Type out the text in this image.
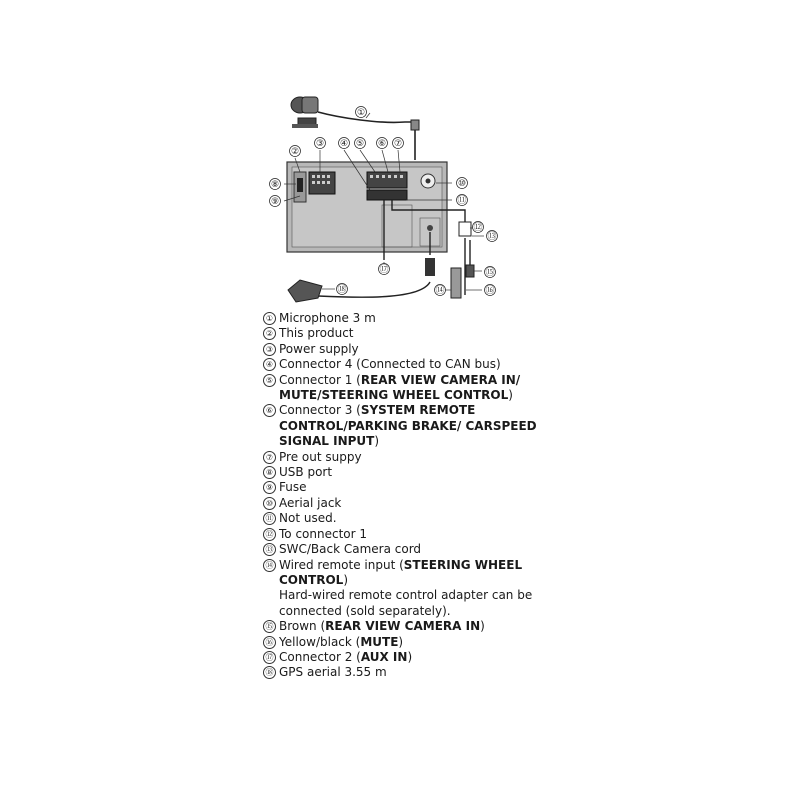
①
②
③ ④ ⑤ ⑥ ⑦
⑧
⑨
⑩
⑪
⑫
⑬
⑭
⑮
⑯
⑰
⑱
① Microphone 3 m
② This product
③ Power supply
④ Connector 4 (Connected to CAN bus)
⑤ Connector 1 (REAR VIEW CAMERA IN/ MUTE/STEERING WHEEL CONTROL)
⑥ Connector 3 (SYSTEM REMOTE CONTROL/PARKING BRAKE/ CARSPEED SIGNAL INPUT)
⑦ Pre out suppy
⑧ USB port
⑨ Fuse
⑩ Aerial jack
⑪ Not used.
⑫ To connector 1
⑬ SWC/Back Camera cord
⑭ Wired remote input (STEERING WHEEL CONTROL)
Hard-wired remote control adapter can be connected (sold separately).
⑮ Brown (REAR VIEW CAMERA IN)
⑯ Yellow/black (MUTE)
⑰ Connector 2 (AUX IN)
⑱ GPS aerial 3.55 m
